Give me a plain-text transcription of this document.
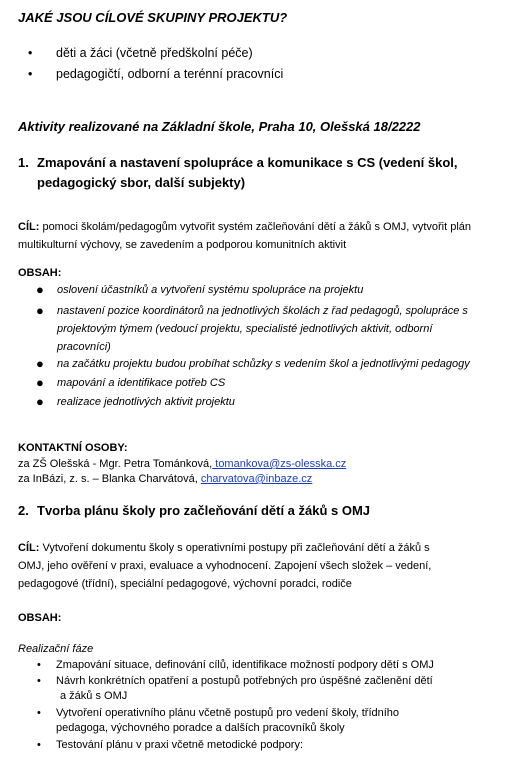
JAKÉ JSOU CÍLOVÉ SKUPINY PROJEKTU?
• děti a žáci (včetně předškolní péče)
• pedagogičtí, odborní a terénní pracovníci
Aktivity realizované na Základní škole, Praha 10, Olešská 18/2222
1. Zmapování a nastavení spolupráce a komunikace s CS (vedení škol,
pedagogický sbor, další subjekty)
CÍL: pomoci školám/pedagogům vytvořit systém začleňování dětí a žáků s OMJ, vytvořit plán
multikulturní výchovy, se zavedením a podporou komunitních aktivit
OBSAH:
● oslovení účastníků a vytvoření systému spolupráce na projektu
● nastavení pozice koordinátorů na jednotlivých školách z řad pedagogů, spolupráce s
projektovým týmem (vedoucí projektu, specialisté jednotlivých aktivit, odborní
pracovníci)
● na začátku projektu budou probíhat schůzky s vedením škol a jednotlivými pedagogy
● mapování a identifikace potřeb CS
● realizace jednotlivých aktivit projektu
KONTAKTNÍ OSOBY:
za ZŠ Olešská - Mgr. Petra Tománková, tomankova@zs-olesska.cz
za InBázi, z. s. – Blanka Charvátová, charvatova@inbaze.cz
2. Tvorba plánu školy pro začleňování dětí a žáků s OMJ
CÍL: Vytvoření dokumentu školy s operativními postupy při začleňování dětí a žáků s
OMJ, jeho ověření v praxi, evaluace a vyhodnocení. Zapojení všech složek – vedení,
pedagogové (třídní), speciální pedagogové, výchovní poradci, rodiče
OBSAH:
Realizační fáze
• Zmapování situace, definování cílů, identifikace možností podpory dětí s OMJ
• Návrh konkrétních opatření a postupů potřebných pro úspěšné začlenění dětí
a žáků s OMJ
• Vytvoření operativního plánu včetně postupů pro vedení školy, třídního
pedagoga, výchovného poradce a dalších pracovníků školy
• Testování plánu v praxi včetně metodické podpory:
